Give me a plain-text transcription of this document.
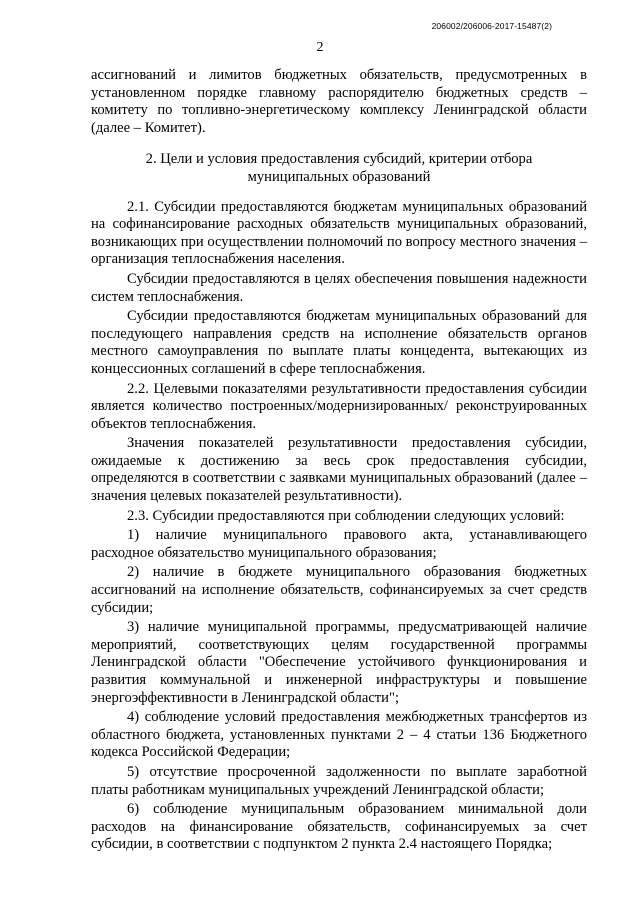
206002/206006-2017-15487(2)
2

ассигнований и лимитов бюджетных обязательств, предусмотренных в установленном порядке главному распорядителю бюджетных средств – комитету по топливно-энергетическому комплексу Ленинградской области (далее – Комитет).

2. Цели и условия предоставления субсидий, критерии отбора муниципальных образований

2.1. Субсидии предоставляются бюджетам муниципальных образований на софинансирование расходных обязательств муниципальных образований, возникающих при осуществлении полномочий по вопросу местного значения – организация теплоснабжения населения.

Субсидии предоставляются в целях обеспечения повышения надежности систем теплоснабжения.

Субсидии предоставляются бюджетам муниципальных образований для последующего направления средств на исполнение обязательств органов местного самоуправления по выплате платы концедента, вытекающих из концессионных соглашений в сфере теплоснабжения.

2.2. Целевыми показателями результативности предоставления субсидии является количество построенных/модернизированных/ реконструированных объектов теплоснабжения.

Значения показателей результативности предоставления субсидии, ожидаемые к достижению за весь срок предоставления субсидии, определяются в соответствии с заявками муниципальных образований (далее – значения целевых показателей результативности).

2.3. Субсидии предоставляются при соблюдении следующих условий:

1) наличие муниципального правового акта, устанавливающего расходное обязательство муниципального образования;

2) наличие в бюджете муниципального образования бюджетных ассигнований на исполнение обязательств, софинансируемых за счет средств субсидии;

3) наличие муниципальной программы, предусматривающей наличие мероприятий, соответствующих целям государственной программы Ленинградской области "Обеспечение устойчивого функционирования и развития коммунальной и инженерной инфраструктуры и повышение энергоэффективности в Ленинградской области";

4) соблюдение условий предоставления межбюджетных трансфертов из областного бюджета, установленных пунктами 2 – 4 статьи 136 Бюджетного кодекса Российской Федерации;

5) отсутствие просроченной задолженности по выплате заработной платы работникам муниципальных учреждений Ленинградской области;

6) соблюдение муниципальным образованием минимальной доли расходов на финансирование обязательств, софинансируемых за счет субсидии, в соответствии с подпунктом 2 пункта 2.4 настоящего Порядка;
